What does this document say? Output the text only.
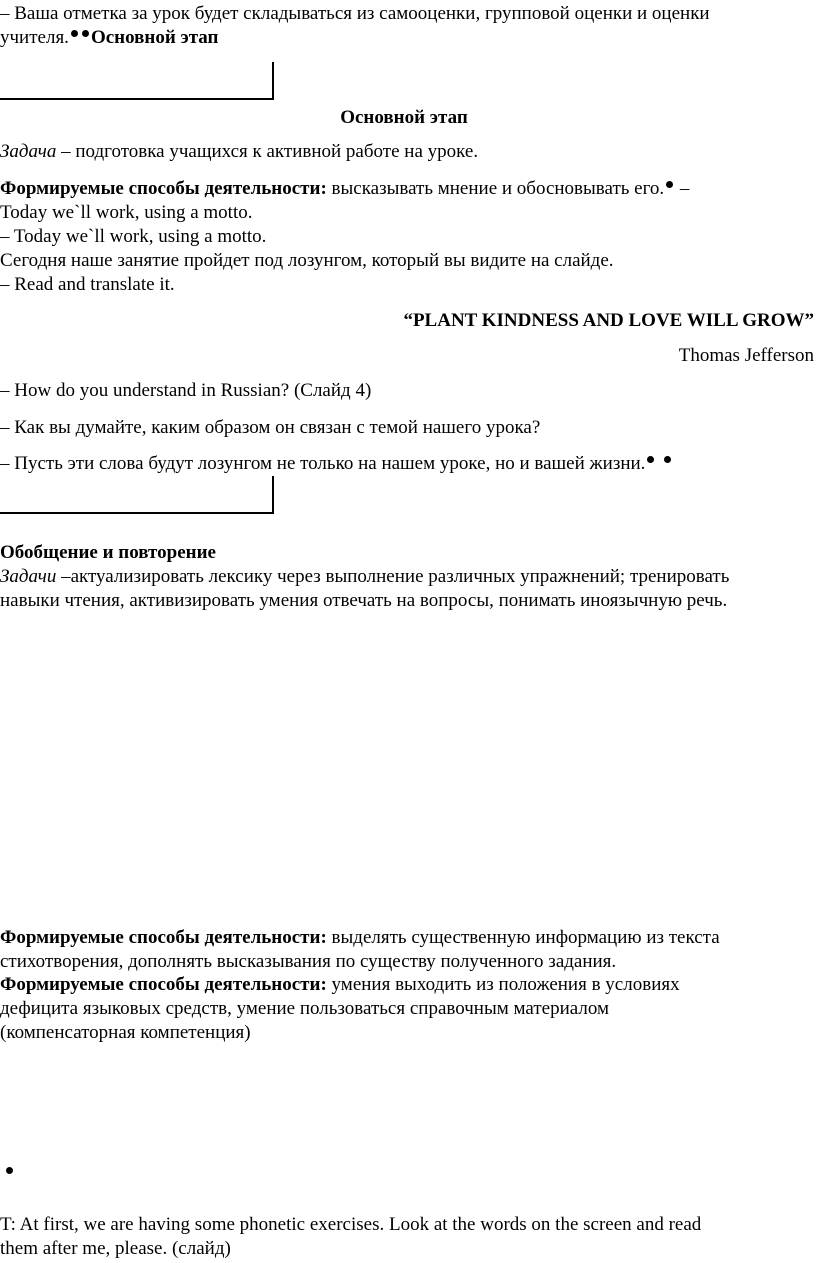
– Ваша отметка за урок будет складываться из самооценки, групповой оценки и оценки
учителя. Основной этап
Основной этап
Задача – подготовка учащихся к активной работе на уроке.
Формируемые способы деятельности: высказывать мнение и обосновывать его. –
Today we`ll work, using a motto.
– Today we`ll work, using a motto.
Сегодня наше занятие пройдет под лозунгом, который вы видите на слайде.
– Read and translate it.
“PLANT KINDNESS AND LOVE WILL GROW”
Thomas Jefferson
– How do you understand in Russian? (Слайд 4)
– Как вы думайте, каким образом он связан с темой нашего урока?
– Пусть эти слова будут лозунгом не только на нашем уроке, но и вашей жизни.
Обобщение и повторение
Задачи –актуализировать лексику через выполнение различных упражнений; тренировать
навыки чтения, активизировать умения отвечать на вопросы, понимать иноязычную речь.
Формируемые способы деятельности: выделять существенную информацию из текста
стихотворения, дополнять высказывания по существу полученного задания.
Формируемые способы деятельности: умения выходить из положения в условиях
дефицита языковых средств, умение пользоваться справочным материалом
(компенсаторная компетенция)
T: At first, we are having some phonetic exercises. Look at the words on the screen and read
them after me, please. (слайд)
